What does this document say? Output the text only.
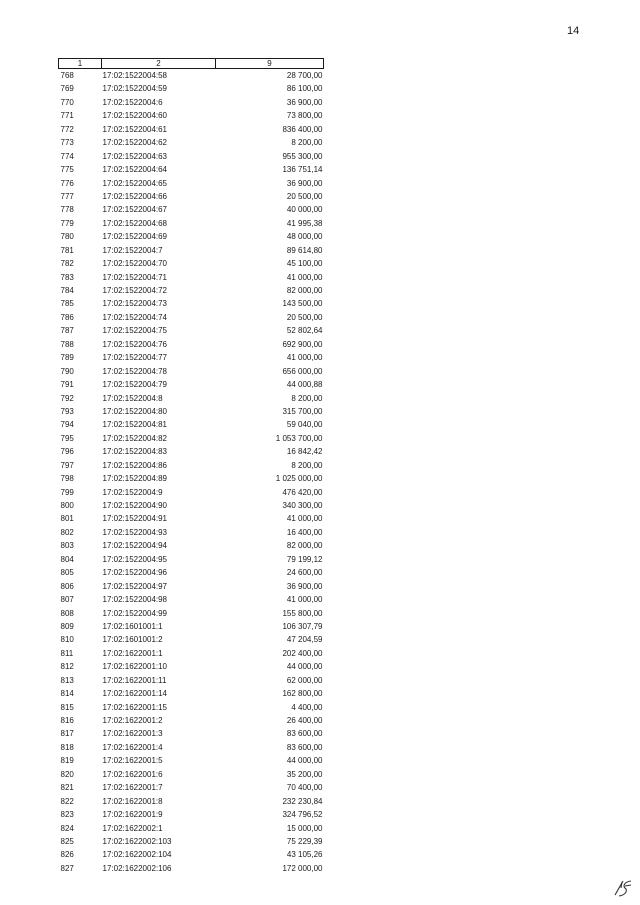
14
1	2	9
768	17:02:1522004:58	28 700,00
769	17:02:1522004:59	86 100,00
770	17:02:1522004:6	36 900,00
771	17:02:1522004:60	73 800,00
772	17:02:1522004:61	836 400,00
773	17:02:1522004:62	8 200,00
774	17:02:1522004:63	955 300,00
775	17:02:1522004:64	136 751,14
776	17:02:1522004:65	36 900,00
777	17:02:1522004:66	20 500,00
778	17:02:1522004:67	40 000,00
779	17:02:1522004:68	41 995,38
780	17:02:1522004:69	48 000,00
781	17:02:1522004:7	89 614,80
782	17:02:1522004:70	45 100,00
783	17:02:1522004:71	41 000,00
784	17:02:1522004:72	82 000,00
785	17:02:1522004:73	143 500,00
786	17:02:1522004:74	20 500,00
787	17:02:1522004:75	52 802,64
788	17:02:1522004:76	692 900,00
789	17:02:1522004:77	41 000,00
790	17:02:1522004:78	656 000,00
791	17:02:1522004:79	44 000,88
792	17:02:1522004:8	8 200,00
793	17:02:1522004:80	315 700,00
794	17:02:1522004:81	59 040,00
795	17:02:1522004:82	1 053 700,00
796	17:02:1522004:83	16 842,42
797	17:02:1522004:86	8 200,00
798	17:02:1522004:89	1 025 000,00
799	17:02:1522004:9	476 420,00
800	17:02:1522004:90	340 300,00
801	17:02:1522004:91	41 000,00
802	17:02:1522004:93	16 400,00
803	17:02:1522004:94	82 000,00
804	17:02:1522004:95	79 199,12
805	17:02:1522004:96	24 600,00
806	17:02:1522004:97	36 900,00
807	17:02:1522004:98	41 000,00
808	17:02:1522004:99	155 800,00
809	17:02:1601001:1	106 307,79
810	17:02:1601001:2	47 204,59
811	17:02:1622001:1	202 400,00
812	17:02:1622001:10	44 000,00
813	17:02:1622001:11	62 000,00
814	17:02:1622001:14	162 800,00
815	17:02:1622001:15	4 400,00
816	17:02:1622001:2	26 400,00
817	17:02:1622001:3	83 600,00
818	17:02:1622001:4	83 600,00
819	17:02:1622001:5	44 000,00
820	17:02:1622001:6	35 200,00
821	17:02:1622001:7	70 400,00
822	17:02:1622001:8	232 230,84
823	17:02:1622001:9	324 796,52
824	17:02:1622002:1	15 000,00
825	17:02:1622002:103	75 229,39
826	17:02:1622002:104	43 105,26
827	17:02:1622002:106	172 000,00
